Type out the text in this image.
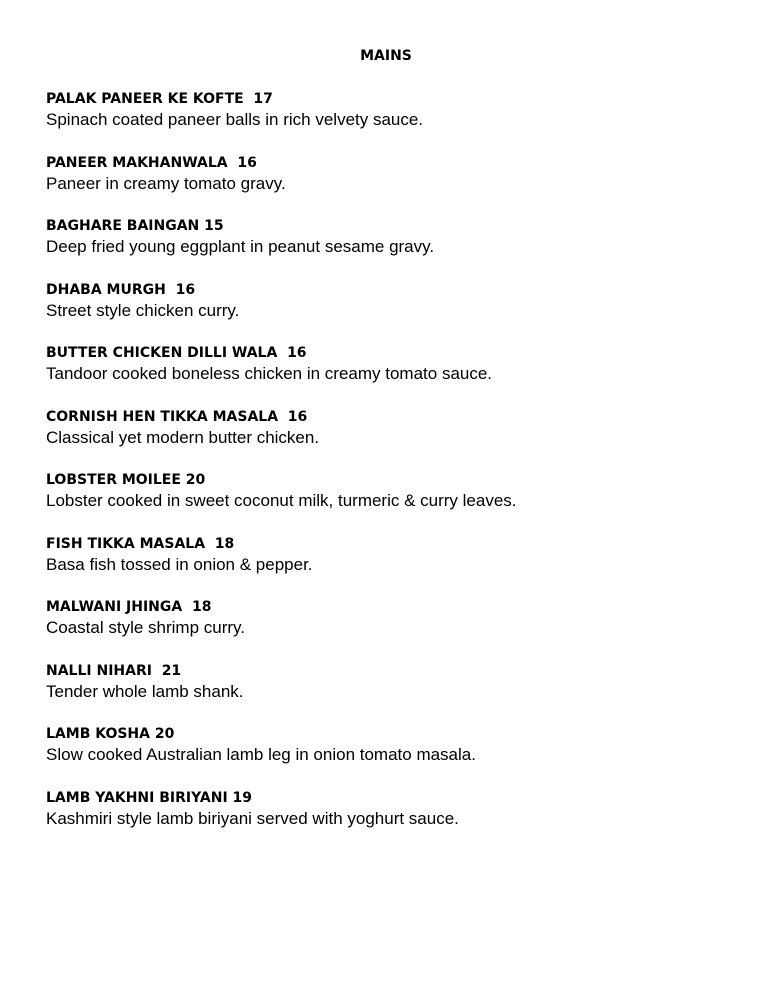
MAINS
PALAK PANEER KE KOFTE  17
Spinach coated paneer balls in rich velvety sauce.
PANEER MAKHANWALA  16
Paneer in creamy tomato gravy.
BAGHARE BAINGAN 15
Deep fried young eggplant in peanut sesame gravy.
DHABA MURGH  16
Street style chicken curry.
BUTTER CHICKEN DILLI WALA  16
Tandoor cooked boneless chicken in creamy tomato sauce.
CORNISH HEN TIKKA MASALA  16
Classical yet modern butter chicken.
LOBSTER MOILEE 20
Lobster cooked in sweet coconut milk, turmeric & curry leaves.
FISH TIKKA MASALA  18
Basa fish tossed in onion & pepper.
MALWANI JHINGA  18
Coastal style shrimp curry.
NALLI NIHARI  21
Tender whole lamb shank.
LAMB KOSHA 20
Slow cooked Australian lamb leg in onion tomato masala.
LAMB YAKHNI BIRIYANI 19
Kashmiri style lamb biriyani served with yoghurt sauce.
